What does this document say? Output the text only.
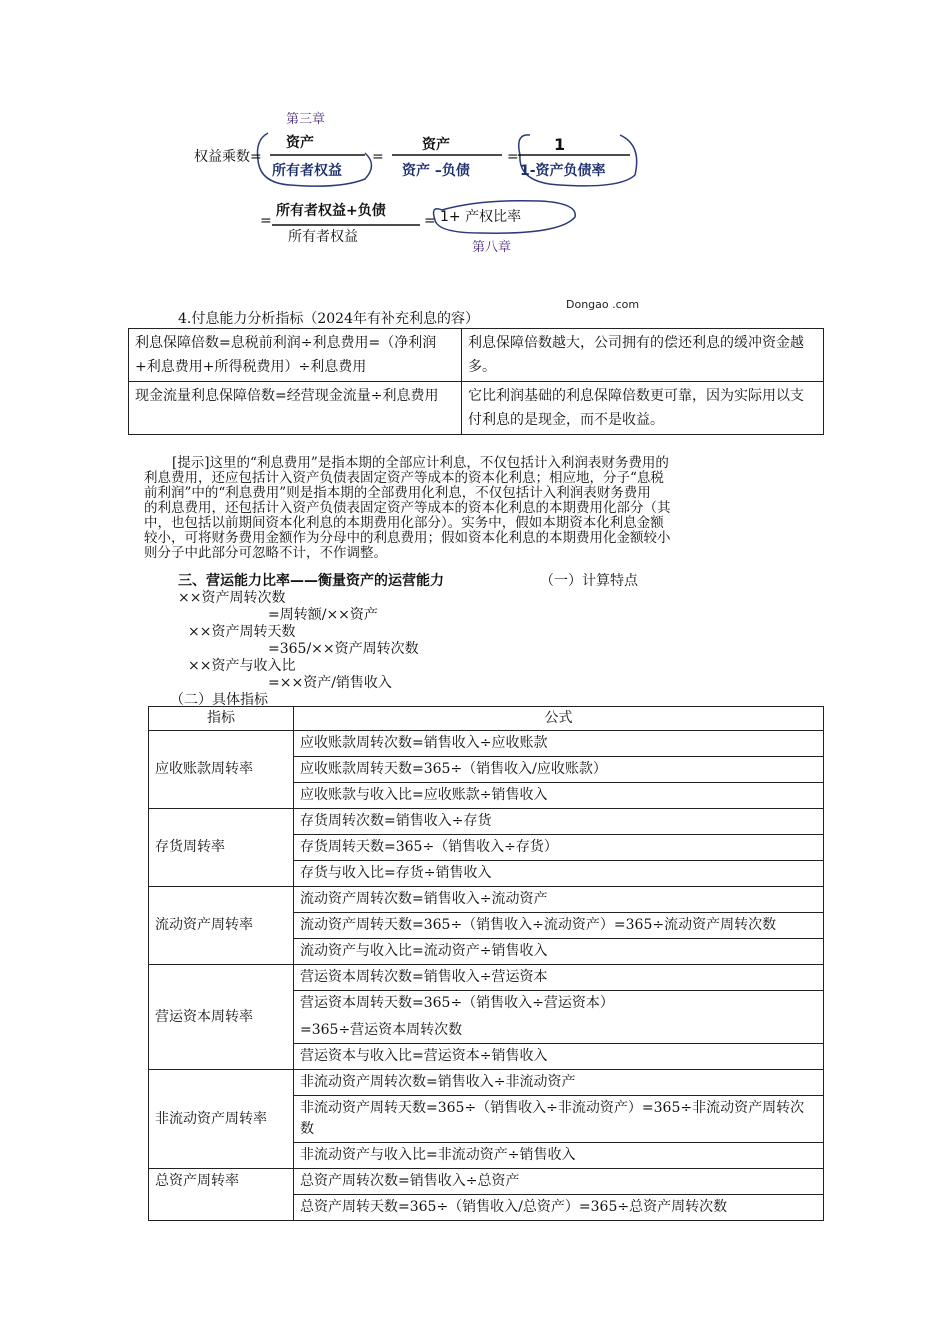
第三章
权益乘数=
资产
所有者权益
=
资产
资产 –负债
=
1
1-资产负债率
=
所有者权益+负债
所有者权益
= 1+ 产权比率
第八章
Dongao .com
4.付息能力分析指标（2024年有补充利息的容）
利息保障倍数=息税前利润÷利息费用=（净利润+利息费用+所得税费用）÷利息费用	利息保障倍数越大，公司拥有的偿还利息的缓冲资金越多。
现金流量利息保障倍数=经营现金流量÷利息费用	它比利润基础的利息保障倍数更可靠，因为实际用以支付利息的是现金，而不是收益。
[提示]这里的“利息费用”是指本期的全部应计利息，不仅包括计入利润表财务费用的
利息费用，还应包括计入资产负债表固定资产等成本的资本化利息；相应地，分子“息税
前利润”中的“利息费用”则是指本期的全部费用化利息，不仅包括计入利润表财务费用
的利息费用，还包括计入资产负债表固定资产等成本的资本化利息的本期费用化部分（其
中，也包括以前期间资本化利息的本期费用化部分）。实务中，假如本期资本化利息金额
较小，可将财务费用金额作为分母中的利息费用；假如资本化利息的本期费用化金额较小
则分子中此部分可忽略不计，不作调整。
三、营运能力比率——衡量资产的运营能力	（一）计算特点
××资产周转次数
=周转额/××资产
××资产周转天数
=365/××资产周转次数
××资产与收入比
=××资产/销售收入
（二）具体指标
指标	公式
应收账款周转率	应收账款周转次数=销售收入÷应收账款
	应收账款周转天数=365÷（销售收入/应收账款）
	应收账款与收入比=应收账款÷销售收入
存货周转率	存货周转次数=销售收入÷存货
	存货周转天数=365÷（销售收入÷存货）
	存货与收入比=存货÷销售收入
流动资产周转率	流动资产周转次数=销售收入÷流动资产
	流动资产周转天数=365÷（销售收入÷流动资产）=365÷流动资产周转次数
	流动资产与收入比=流动资产÷销售收入
营运资本周转率	营运资本周转次数=销售收入÷营运资本

	营运资本周转天数=365÷（销售收入÷营运资本）
=365÷营运资本周转次数

	营运资本与收入比=营运资本÷销售收入
非流动资产周转率	非流动资产周转次数=销售收入÷非流动资产
	非流动资产周转天数=365÷（销售收入÷非流动资产）=365÷非流动资产周转次数
	非流动资产与收入比=非流动资产÷销售收入
总资产周转率	总资产周转次数=销售收入÷总资产
	总资产周转天数=365÷（销售收入/总资产）=365÷总资产周转次数
